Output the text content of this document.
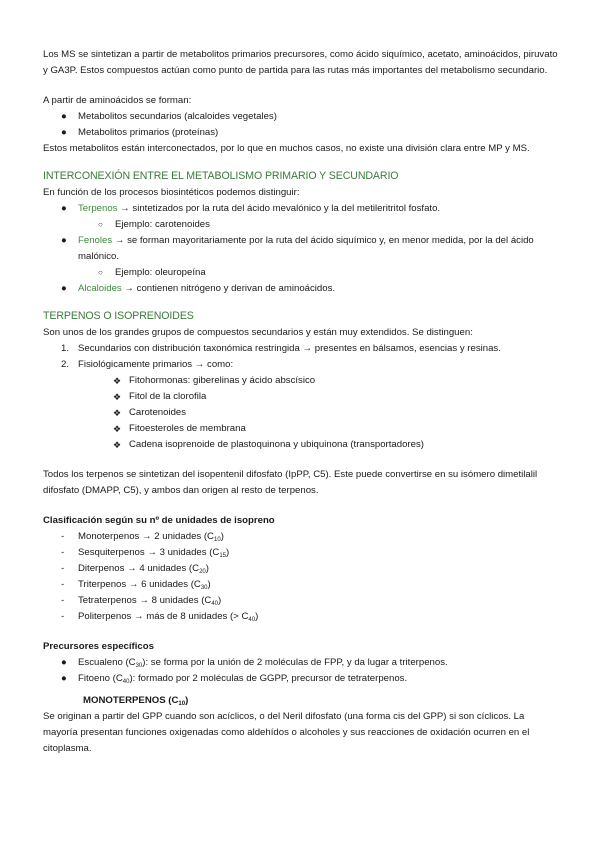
Los MS se sintetizan a partir de metabolitos primarios precursores, como ácido siquímico, acetato, aminoácidos, piruvato y GA3P. Estos compuestos actúan como punto de partida para las rutas más importantes del metabolismo secundario.

A partir de aminoácidos se forman:

● Metabolitos secundarios (alcaloides vegetales)
● Metabolitos primarios (proteínas)

Estos metabolitos están interconectados, por lo que en muchos casos, no existe una división clara entre MP y MS.

INTERCONEXIÓN ENTRE EL METABOLISMO PRIMARIO Y SECUNDARIO

En función de los procesos biosintéticos podemos distinguir:

● Terpenos → sintetizados por la ruta del ácido mevalónico y la del metileritritol fosfato.
○ Ejemplo: carotenoides
● Fenoles → se forman mayoritariamente por la ruta del ácido siquímico y, en menor medida, por la del ácido malónico.
○ Ejemplo: oleuropeína
● Alcaloides → contienen nitrógeno y derivan de aminoácidos.

TERPENOS O ISOPRENOIDES

Son unos de los grandes grupos de compuestos secundarios y están muy extendidos. Se distinguen:

1. Secundarios con distribución taxonómica restringida → presentes en bálsamos, esencias y resinas.
2. Fisiológicamente primarios → como:
❖ Fitohormonas: giberelinas y ácido abscísico
❖ Fitol de la clorofila
❖ Carotenoides
❖ Fitoesteroles de membrana
❖ Cadena isoprenoide de plastoquinona y ubiquinona (transportadores)

Todos los terpenos se sintetizan del isopentenil difosfato (IpPP, C5). Este puede convertirse en su isómero dimetilalil difosfato (DMAPP, C5), y ambos dan origen al resto de terpenos.

Clasificación según su nº de unidades de isopreno

- Monoterpenos → 2 unidades $(C_{10})$
- Sesquiterpenos → 3 unidades $(C_{15})$
- Diterpenos → 4 unidades $(C_{20})$
- Triterpenos → 6 unidades $(C_{30})$
- Tetraterpenos → 8 unidades $(C_{40})$
- Politerpenos → más de 8 unidades (> $C_{40}$)

Precursores específicos

● Escualeno $(C_{30})$: se forma por la unión de 2 moléculas de FPP, y da lugar a triterpenos.
● Fitoeno $(C_{40})$: formado por 2 moléculas de GGPP, precursor de tetraterpenos.

MONOTERPENOS $(C_{10})$

Se originan a partir del GPP cuando son acíclicos, o del Neril difosfato (una forma cis del GPP) si son cíclicos. La mayoría presentan funciones oxigenadas como aldehídos o alcoholes y sus reacciones de oxidación ocurren en el citoplasma.
